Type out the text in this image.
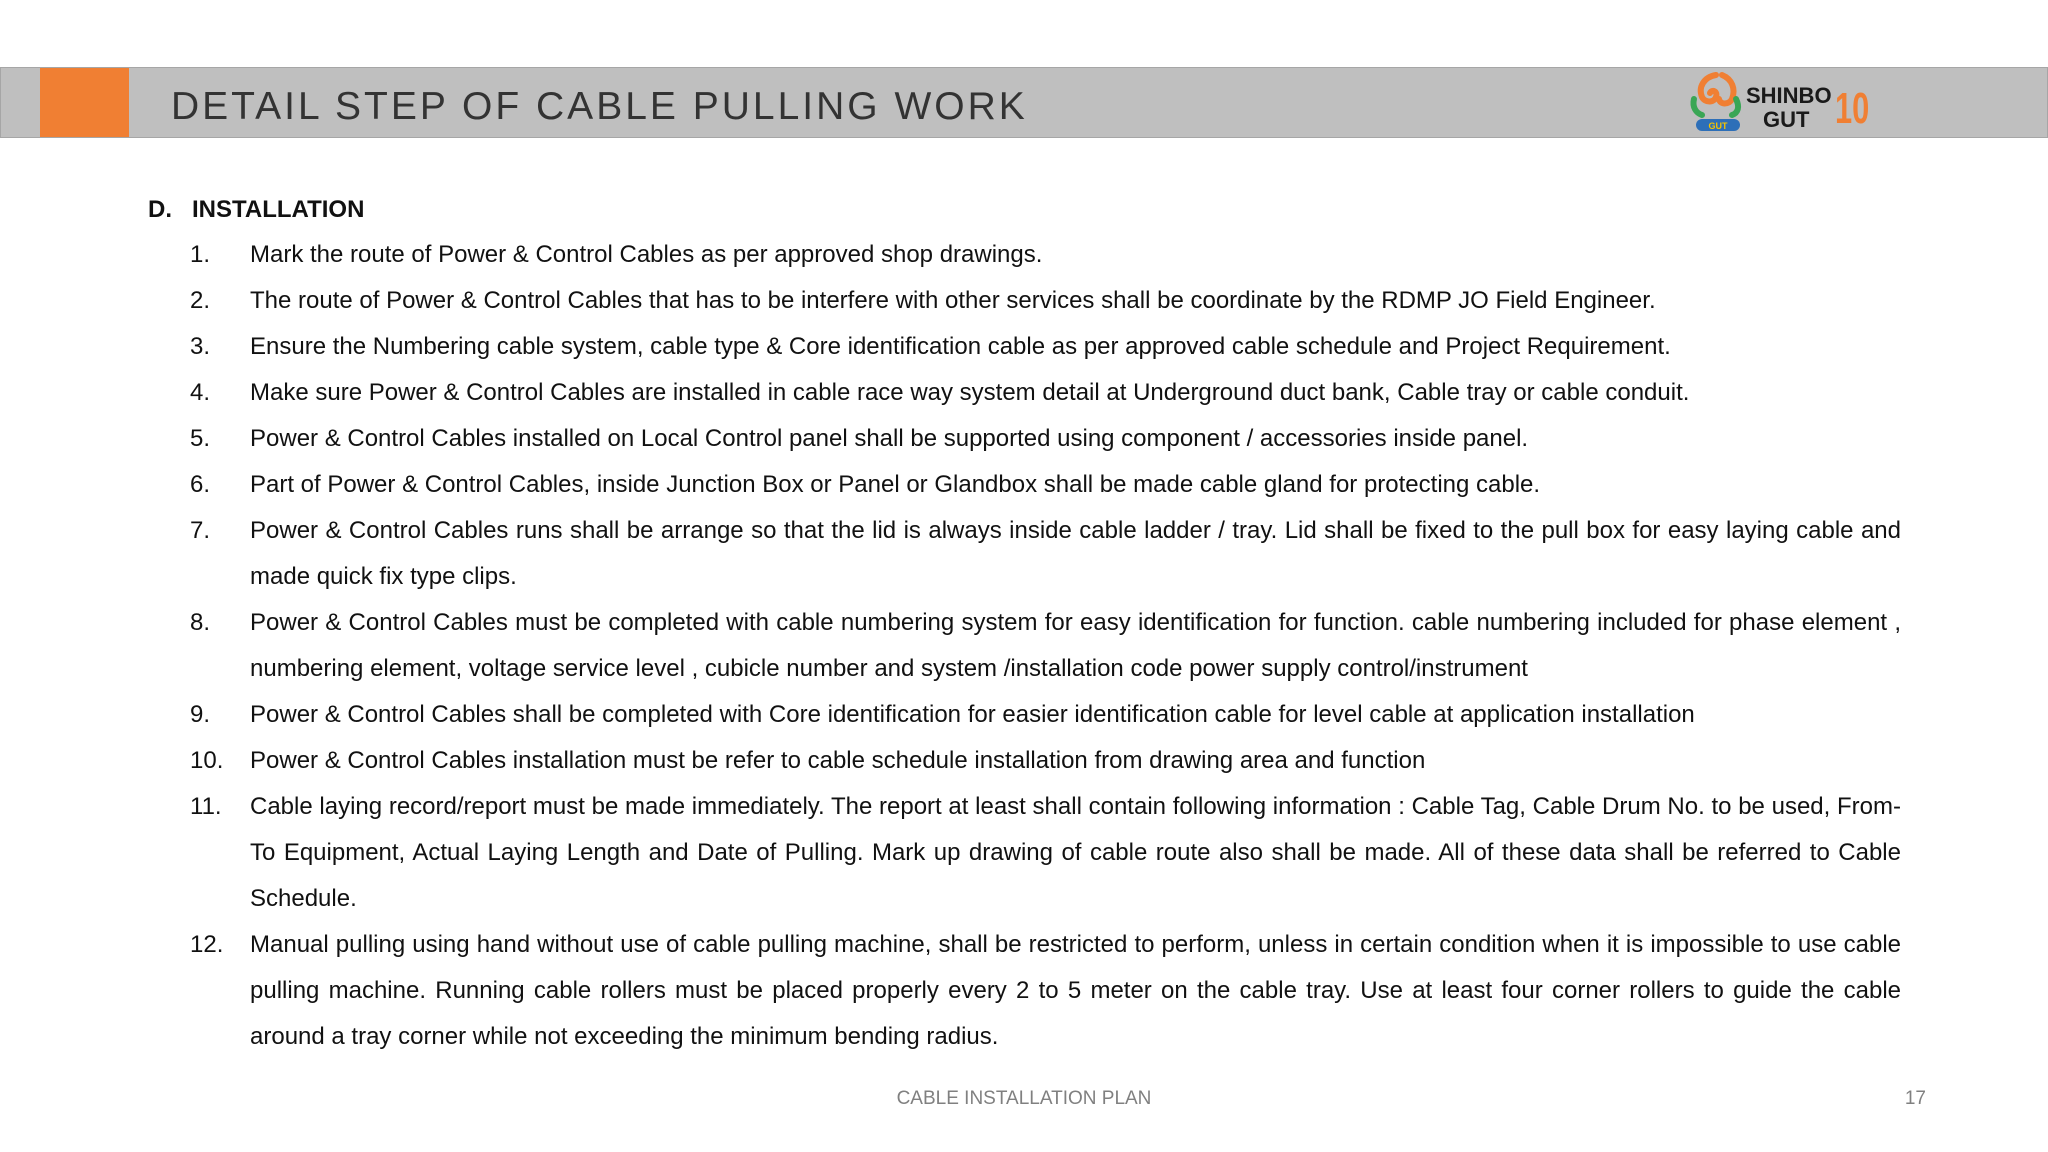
DETAIL STEP OF CABLE PULLING WORK	GUT
SHINBO
GUT 10
D. INSTALLATION
1. Mark the route of Power & Control Cables as per approved shop drawings.
2. The route of Power & Control Cables that has to be interfere with other services shall be coordinate by the RDMP JO Field Engineer.
3. Ensure the Numbering cable system, cable type & Core identification cable as per approved cable schedule and Project Requirement.
4. Make sure Power & Control Cables are installed in cable race way system detail at Underground duct bank, Cable tray or cable conduit.
5. Power & Control Cables installed on Local Control panel shall be supported using component / accessories inside panel.
6. Part of Power & Control Cables, inside Junction Box or Panel or Glandbox shall be made cable gland for protecting cable.
7. Power & Control Cables runs shall be arrange so that the lid is always inside cable ladder / tray. Lid shall be fixed to the pull box for easy laying cable and made quick fix type clips.
8. Power & Control Cables must be completed with cable numbering system for easy identification for function. cable numbering included for phase element , numbering element, voltage service level , cubicle number and system /installation code power supply control/instrument
9. Power & Control Cables shall be completed with Core identification for easier identification cable for level cable at application installation
10. Power & Control Cables installation must be refer to cable schedule installation from drawing area and function
11. Cable laying record/report must be made immediately. The report at least shall contain following information : Cable Tag, Cable Drum No. to be used, From-To Equipment, Actual Laying Length and Date of Pulling. Mark up drawing of cable route also shall be made. All of these data shall be referred to Cable Schedule.
12. Manual pulling using hand without use of cable pulling machine, shall be restricted to perform, unless in certain condition when it is impossible to use cable pulling machine. Running cable rollers must be placed properly every 2 to 5 meter on the cable tray. Use at least four corner rollers to guide the cable around a tray corner while not exceeding the minimum bending radius.
CABLE INSTALLATION PLAN	17
